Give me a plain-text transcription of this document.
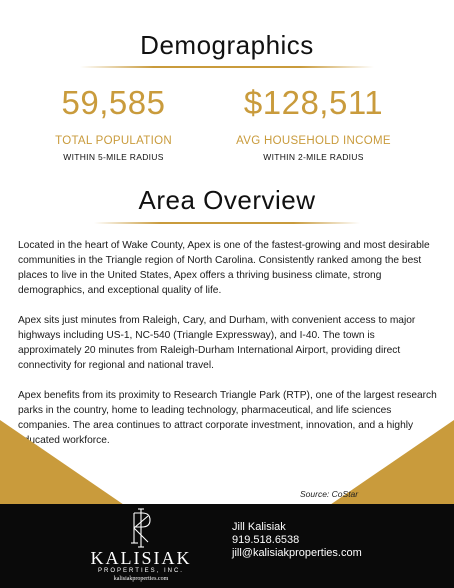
Demographics
59,585
TOTAL POPULATION
WITHIN 5-MILE RADIUS
$128,511
AVG HOUSEHOLD INCOME
WITHIN 2-MILE RADIUS
Area Overview

Located in the heart of Wake County, Apex is one of the fastest-growing and most desirable communities in the Triangle region of North Carolina. Consistently ranked among the best places to live in the United States, Apex offers a thriving business climate, strong demographics, and exceptional quality of life.

Apex sits just minutes from Raleigh, Cary, and Durham, with convenient access to major highways including US-1, NC-540 (Triangle Expressway), and I-40. The town is approximately 20 minutes from Raleigh-Durham International Airport, providing direct connectivity for regional and national travel.

Apex benefits from its proximity to Research Triangle Park (RTP), one of the largest research parks in the country, home to leading technology, pharmaceutical, and life sciences companies. The area continues to attract corporate investment, innovation, and a highly educated workforce.

Source: CoStar
KALISIAK
PROPERTIES, INC.
kalisiakproperties.com
Jill Kalisiak
919.518.6538
jill@kalisiakproperties.com
